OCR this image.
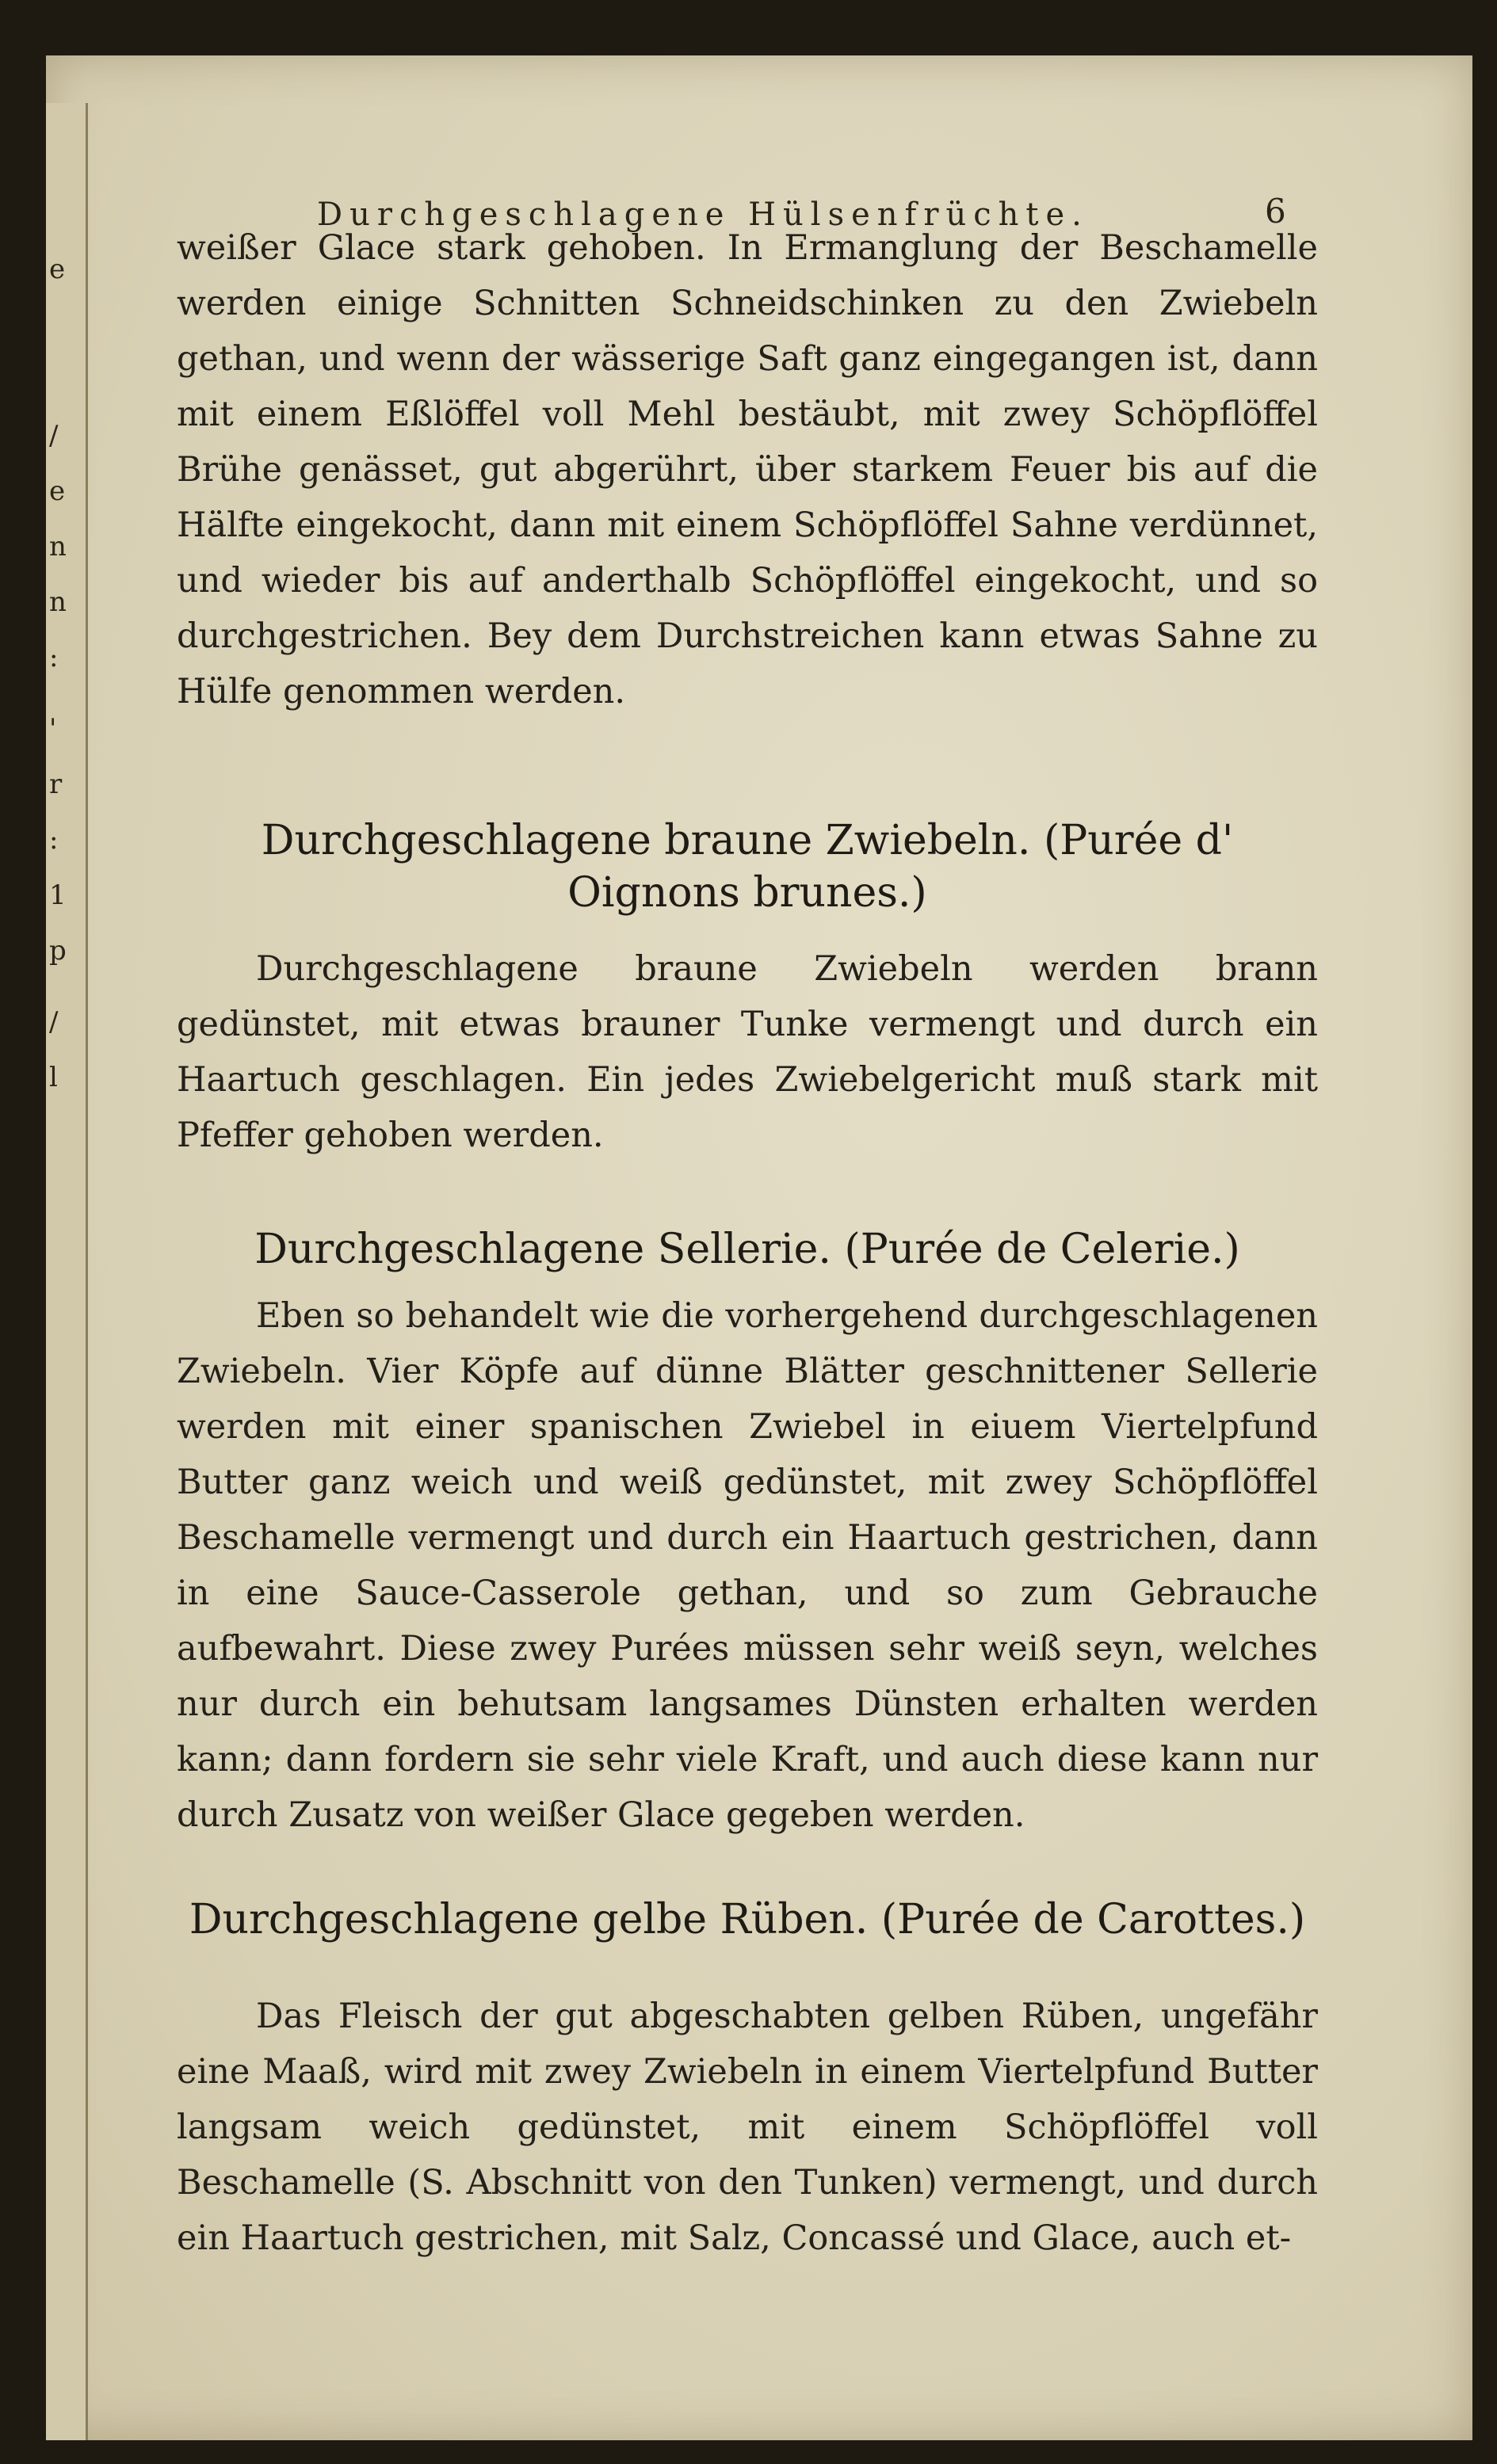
e
/
e
n
n
:
'
r
:
1
p
/
l
Durchgeschlagene Hülsenfrüchte.	6

weißer Glace stark gehoben. In Ermanglung der Beschamelle werden einige Schnitten Schneidschinken zu den Zwiebeln gethan, und wenn der wässerige Saft ganz eingegangen ist, dann mit einem Eßlöffel voll Mehl bestäubt, mit zwey Schöpflöffel Brühe genässet, gut abgerührt, über starkem Feuer bis auf die Hälfte eingekocht, dann mit einem Schöpflöffel Sahne verdünnet, und wieder bis auf anderthalb Schöpflöffel eingekocht, und so durchgestrichen. Bey dem Durchstreichen kann etwas Sahne zu Hülfe genommen werden.

Durchgeschlagene braune Zwiebeln. (Purée d' Oignons brunes.)

Durchgeschlagene braune Zwiebeln werden brann gedünstet, mit etwas brauner Tunke vermengt und durch ein Haartuch geschlagen. Ein jedes Zwiebelgericht muß stark mit Pfeffer gehoben werden.

Durchgeschlagene Sellerie. (Purée de Celerie.)

Eben so behandelt wie die vorhergehend durchgeschlagenen Zwiebeln. Vier Köpfe auf dünne Blätter geschnittener Sellerie werden mit einer spanischen Zwiebel in eiuem Viertelpfund Butter ganz weich und weiß gedünstet, mit zwey Schöpflöffel Beschamelle vermengt und durch ein Haartuch gestrichen, dann in eine Sauce-Casserole gethan, und so zum Gebrauche aufbewahrt. Diese zwey Purées müssen sehr weiß seyn, welches nur durch ein behutsam langsames Dünsten erhalten werden kann; dann fordern sie sehr viele Kraft, und auch diese kann nur durch Zusatz von weißer Glace gegeben werden.

Durchgeschlagene gelbe Rüben. (Purée de Carottes.)

Das Fleisch der gut abgeschabten gelben Rüben, ungefähr eine Maaß, wird mit zwey Zwiebeln in einem Viertelpfund Butter langsam weich gedünstet, mit einem Schöpflöffel voll Beschamelle (S. Abschnitt von den Tunken) vermengt, und durch ein Haartuch gestrichen, mit Salz, Concassé und Glace, auch et-
